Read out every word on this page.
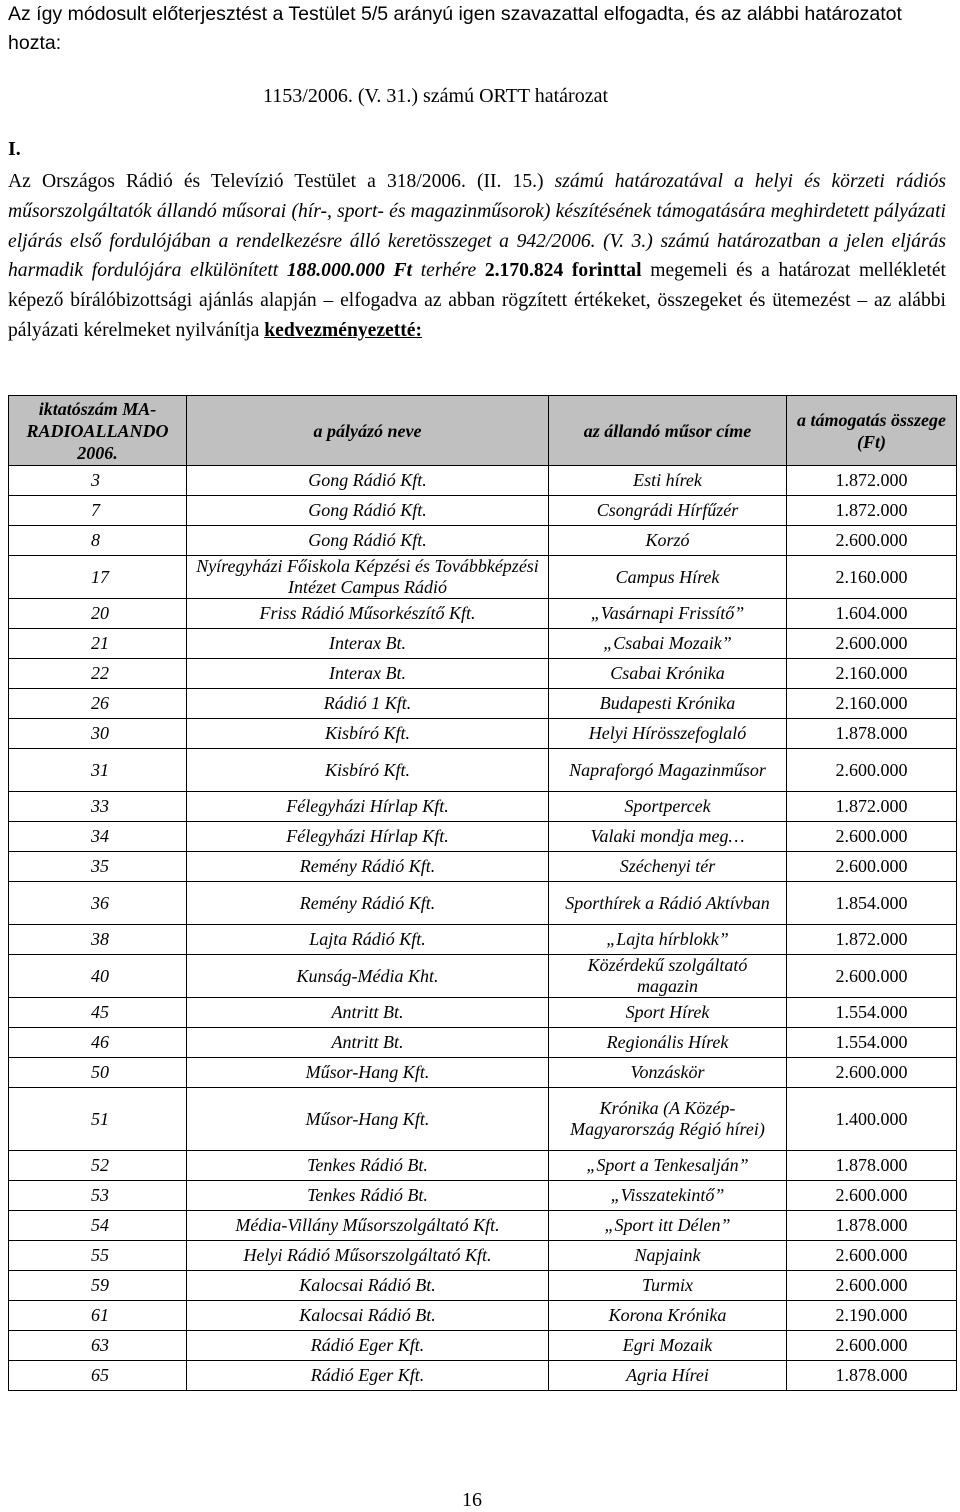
Az így módosult előterjesztést a Testület 5/5 arányú igen szavazattal elfogadta, és az alábbi határozatot hozta:
1153/2006. (V. 31.) számú ORTT határozat
I.
Az Országos Rádió és Televízió Testület a 318/2006. (II. 15.) számú határozatával a helyi és körzeti rádiós műsorszolgáltatók állandó műsorai (hír-, sport- és magazinműsorok) készítésének támogatására meghirdetett pályázati eljárás első fordulójában a rendelkezésre álló keretösszeget a 942/2006. (V. 3.) számú határozatban a jelen eljárás harmadik fordulójára elkülönített 188.000.000 Ft terhére 2.170.824 forinttal megemeli és a határozat mellékletét képező bírálóbizottsági ajánlás alapján – elfogadva az abban rögzített értékeket, összegeket és ütemezést – az alábbi pályázati kérelmeket nyilvánítja kedvezményezetté:
iktatószám MA-RADIOALLANDO 2006.	a pályázó neve	az állandó műsor címe	a támogatás összege (Ft)
3	Gong Rádió Kft.	Esti hírek	1.872.000
7	Gong Rádió Kft.	Csongrádi Hírfűzér	1.872.000
8	Gong Rádió Kft.	Korzó	2.600.000
17	Nyíregyházi Főiskola Képzési és Továbbképzési Intézet Campus Rádió	Campus Hírek	2.160.000
20	Friss Rádió Műsorkészítő Kft.	„Vasárnapi Frissítő”	1.604.000
21	Interax Bt.	„Csabai Mozaik”	2.600.000
22	Interax Bt.	Csabai Krónika	2.160.000
26	Rádió 1 Kft.	Budapesti Krónika	2.160.000
30	Kisbíró Kft.	Helyi Hírösszefoglaló	1.878.000
31	Kisbíró Kft.	Napraforgó Magazinműsor	2.600.000
33	Félegyházi Hírlap Kft.	Sportpercek	1.872.000
34	Félegyházi Hírlap Kft.	Valaki mondja meg…	2.600.000
35	Remény Rádió Kft.	Széchenyi tér	2.600.000
36	Remény Rádió Kft.	Sporthírek a Rádió Aktívban	1.854.000
38	Lajta Rádió Kft.	„Lajta hírblokk”	1.872.000
40	Kunság-Média Kht.	Közérdekű szolgáltató magazin	2.600.000
45	Antritt Bt.	Sport Hírek	1.554.000
46	Antritt Bt.	Regionális Hírek	1.554.000
50	Műsor-Hang Kft.	Vonzáskör	2.600.000
51	Műsor-Hang Kft.	Krónika (A Közép-Magyarország Régió hírei)	1.400.000
52	Tenkes Rádió Bt.	„Sport a Tenkesalján”	1.878.000
53	Tenkes Rádió Bt.	„Visszatekintő”	2.600.000
54	Média-Villány Műsorszolgáltató Kft.	„Sport itt Délen”	1.878.000
55	Helyi Rádió Műsorszolgáltató Kft.	Napjaink	2.600.000
59	Kalocsai Rádió Bt.	Turmix	2.600.000
61	Kalocsai Rádió Bt.	Korona Krónika	2.190.000
63	Rádió Eger Kft.	Egri Mozaik	2.600.000
65	Rádió Eger Kft.	Agria Hírei	1.878.000
16
